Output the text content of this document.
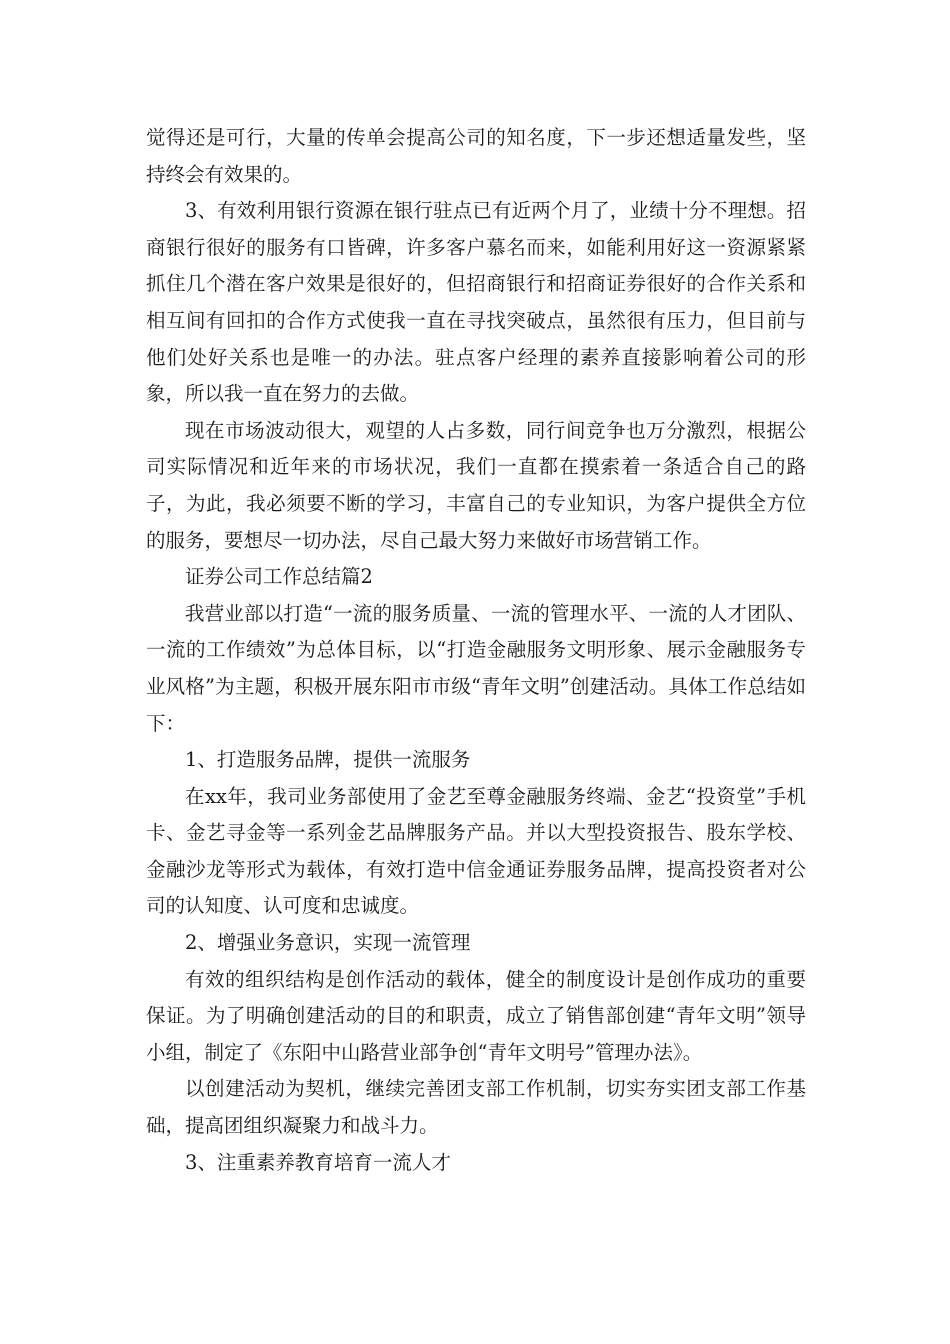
觉得还是可行，大量的传单会提高公司的知名度，下一步还想适量发些，坚持终会有效果的。

3、有效利用银行资源在银行驻点已有近两个月了，业绩十分不理想。招商银行很好的服务有口皆碑，许多客户慕名而来，如能利用好这一资源紧紧抓住几个潜在客户效果是很好的，但招商银行和招商证券很好的合作关系和相互间有回扣的合作方式使我一直在寻找突破点，虽然很有压力，但目前与他们处好关系也是唯一的办法。驻点客户经理的素养直接影响着公司的形象，所以我一直在努力的去做。

现在市场波动很大，观望的人占多数，同行间竞争也万分激烈，根据公司实际情况和近年来的市场状况，我们一直都在摸索着一条适合自己的路子，为此，我必须要不断的学习，丰富自己的专业知识，为客户提供全方位的服务，要想尽一切办法，尽自己最大努力来做好市场营销工作。

证券公司工作总结篇2

我营业部以打造“一流的服务质量、一流的管理水平、一流的人才团队、一流的工作绩效”为总体目标，以“打造金融服务文明形象、展示金融服务专业风格”为主题，积极开展东阳市市级“青年文明”创建活动。具体工作总结如下：

1、打造服务品牌，提供一流服务

在xx年，我司业务部使用了金艺至尊金融服务终端、金艺“投资堂”手机卡、金艺寻金等一系列金艺品牌服务产品。并以大型投资报告、股东学校、金融沙龙等形式为载体，有效打造中信金通证券服务品牌，提高投资者对公司的认知度、认可度和忠诚度。

2、增强业务意识，实现一流管理

有效的组织结构是创作活动的载体，健全的制度设计是创作成功的重要保证。为了明确创建活动的目的和职责，成立了销售部创建“青年文明”领导小组，制定了《东阳中山路营业部争创“青年文明号”管理办法》。

以创建活动为契机，继续完善团支部工作机制，切实夯实团支部工作基础，提高团组织凝聚力和战斗力。

3、注重素养教育培育一流人才
